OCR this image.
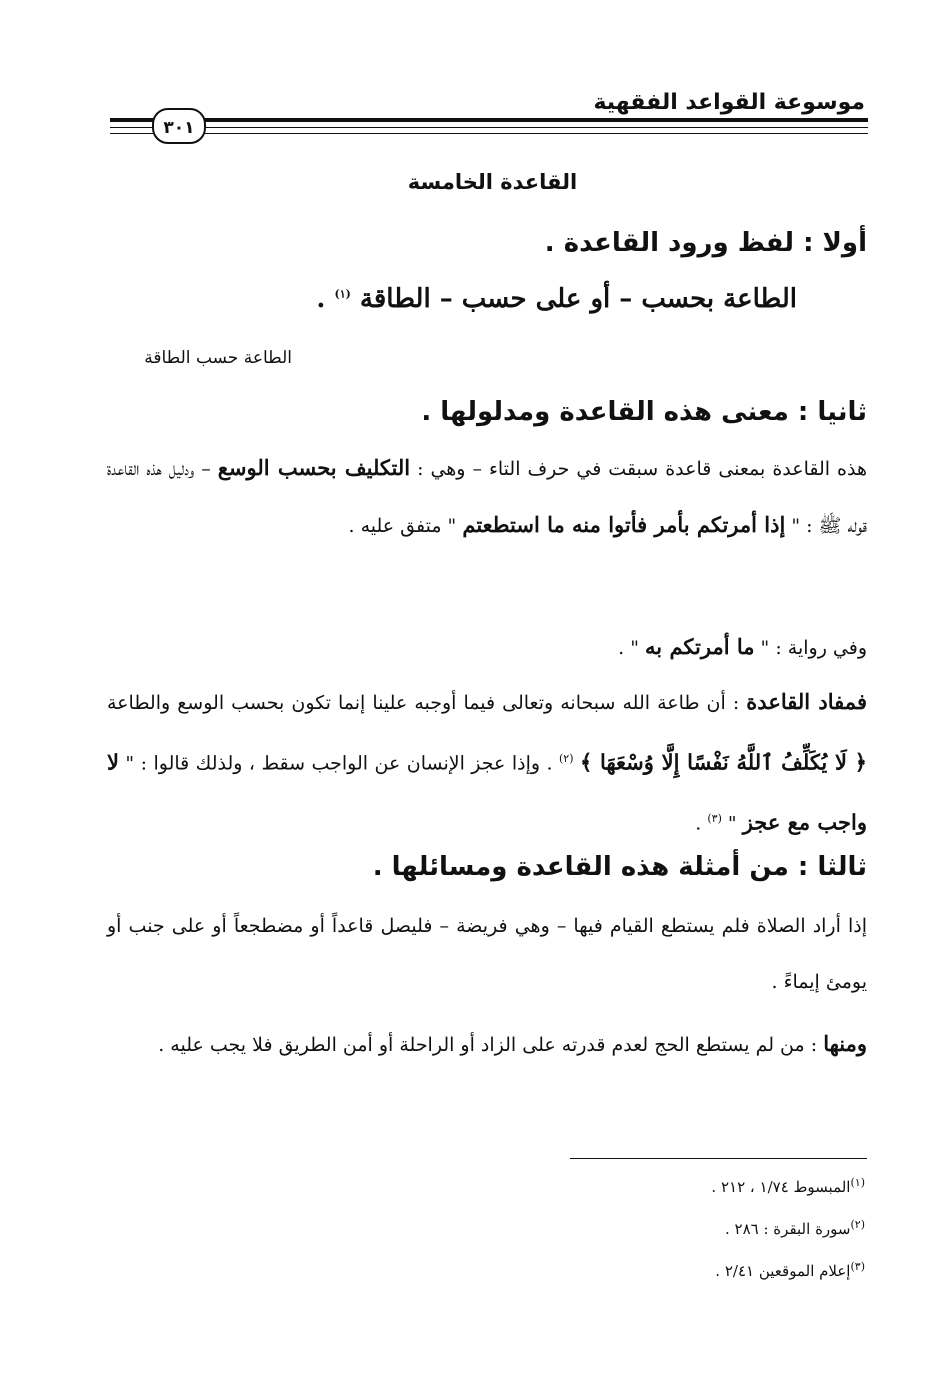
موسوعة القواعد الفقهية
٣٠١
القاعدة الخامسة
أولا : لفظ ورود القاعدة .
الطاعة بحسب – أو على حسب – الطاقة $^{(١)}$ .
الطاعة حسب الطاقة
ثانيا : معنى هذه القاعدة ومدلولها .
هذه القاعدة بمعنى قاعدة سبقت في حرف التاء – وهي : التكليف بحسب الوسع – ودليل هذه القاعدة قوله ﷺ : " إذا أمرتكم بأمر فأتوا منه ما استطعتم " متفق عليه .
وفي رواية : " ما أمرتكم به " .
فمفاد القاعدة : أن طاعة الله سبحانه وتعالى فيما أوجبه علينا إنما تكون بحسب الوسع والطاعة ﴿ لَا يُكَلِّفُ ٱللَّهُ نَفْسًا إِلَّا وُسْعَهَا ﴾ $^{(٢)}$ . وإذا عجز الإنسان عن الواجب سقط ، ولذلك قالوا : " لا واجب مع عجز " $^{(٣)}$ .
ثالثا : من أمثلة هذه القاعدة ومسائلها .
إذا أراد الصلاة فلم يستطع القيام فيها – وهي فريضة – فليصل قاعداً أو مضطجعاً أو على جنب أو يومئ إيماءً .
ومنها : من لم يستطع الحج لعدم قدرته على الزاد أو الراحلة أو أمن الطريق فلا يجب عليه .
$^{(١)}$المبسوط ١/٧٤ ، ٢١٢ .
$^{(٢)}$سورة البقرة : ٢٨٦ .
$^{(٣)}$إعلام الموقعين ٢/٤١ .
